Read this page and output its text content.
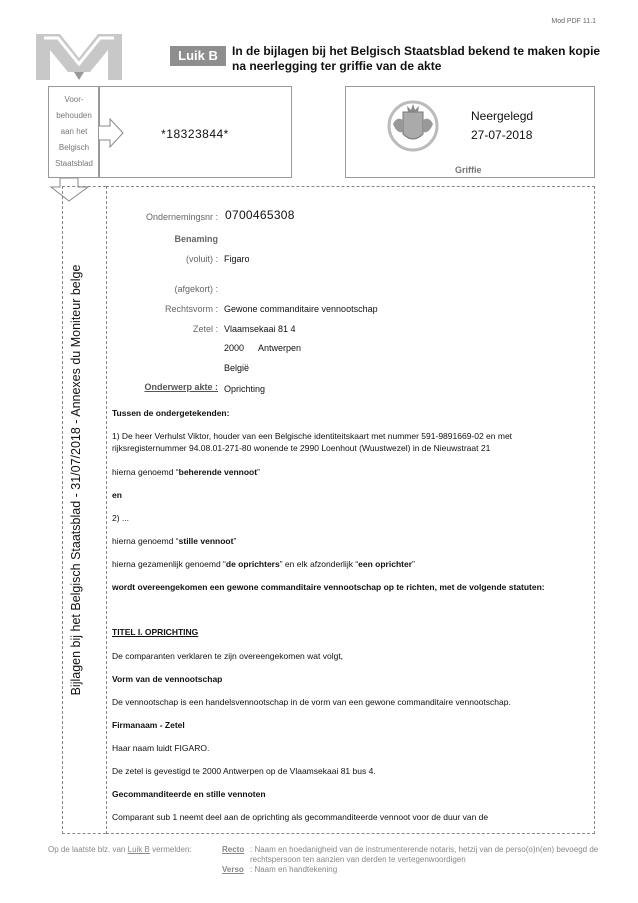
Mod PDF 11.1
Luik B	In de bijlagen bij het Belgisch Staatsblad bekend te maken kopie na neerlegging ter griffie van de akte
Voor-
behouden
aan het
Belgisch
Staatsblad
*18323844*
Neergelegd
27-07-2018
Griffie
Bijlagen bij het Belgisch Staatsblad - 31/07/2018 - Annexes du Moniteur belge
Ondernemingsnr : 0700465308
Benaming
(voluit) : Figaro
(afgekort) :
Rechtsvorm : Gewone commanditaire vennootschap
Zetel : Vlaamsekaai 81 4
2000 Antwerpen
België
Onderwerp akte : Oprichting
Tussen de ondergetekenden:
1) De heer Verhulst Viktor, houder van een Belgische identiteitskaart met nummer 591-9891669-02 en met rijksregisternummer 94.08.01-271-80 wonende te 2990 Loenhout (Wuustwezel) in de Nieuwstraat 21
hierna genoemd “beherende vennoot”
en
2) ...
hierna genoemd “stille vennoot”
hierna gezamenlijk genoemd “de oprichters” en elk afzonderlijk “een oprichter”
wordt overeengekomen een gewone commanditaire vennootschap op te richten, met de volgende statuten:
TITEL I. OPRICHTING
De comparanten verklaren te zijn overeengekomen wat volgt,
Vorm van de vennootschap
De vennootschap is een handelsvennootschap in de vorm van een gewone commanditaire vennootschap.
Firmanaam - Zetel
Haar naam luidt FIGARO.
De zetel is gevestigd te 2000 Antwerpen op de Vlaamsekaai 81 bus 4.
Gecommanditeerde en stille vennoten
Comparant sub 1 neemt deel aan de oprichting als gecommanditeerde vennoot voor de duur van de
Op de laatste blz. van Luik B vermelden:	Recto : Naam en hoedanigheid van de instrumenterende notaris, hetzij van de perso(o)n(en) bevoegd de rechtspersoon ten aanzien van derden te vertegenwoordigen
Verso : Naam en handtekening
